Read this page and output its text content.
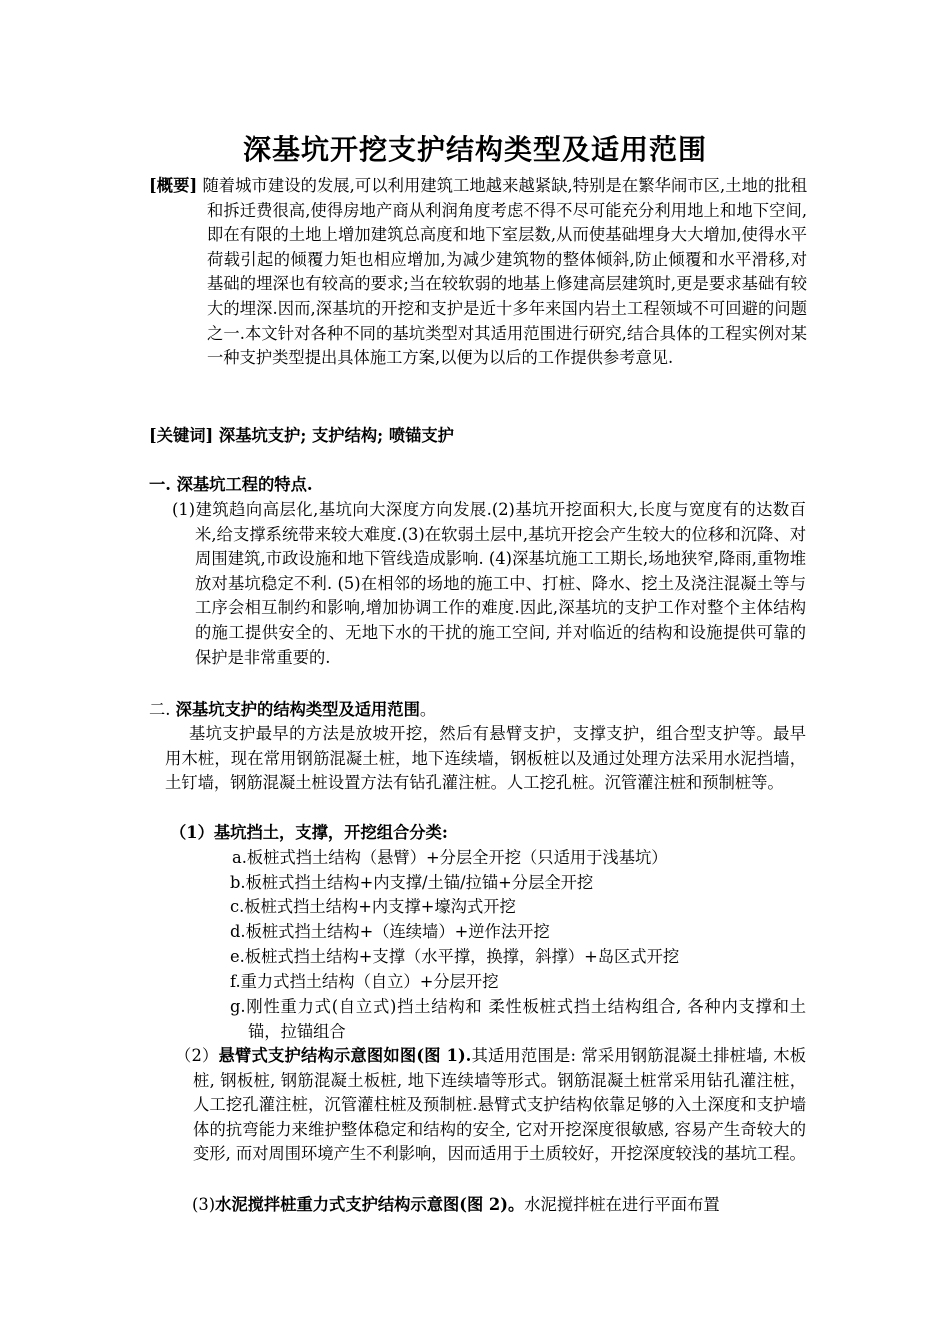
深基坑开挖支护结构类型及适用范围

[概要] 随着城市建设的发展,可以利用建筑工地越来越紧缺,特别是在繁华闹市区,土地的批租和拆迁费很高,使得房地产商从利润角度考虑不得不尽可能充分利用地上和地下空间,即在有限的土地上增加建筑总高度和地下室层数,从而使基础埋身大大增加,使得水平荷载引起的倾覆力矩也相应增加,为减少建筑物的整体倾斜,防止倾覆和水平滑移,对基础的埋深也有较高的要求;当在较软弱的地基上修建高层建筑时,更是要求基础有较大的埋深.因而,深基坑的开挖和支护是近十多年来国内岩土工程领域不可回避的问题之一.本文针对各种不同的基坑类型对其适用范围进行研究,结合具体的工程实例对某一种支护类型提出具体施工方案,以便为以后的工作提供参考意见.

[关键词] 深基坑支护; 支护结构; 喷锚支护
一. 深基坑工程的特点.

(1)建筑趋向高层化,基坑向大深度方向发展.(2)基坑开挖面积大,长度与宽度有的达数百米,给支撑系统带来较大难度.(3)在软弱土层中,基坑开挖会产生较大的位移和沉降、对周围建筑,市政设施和地下管线造成影响. (4)深基坑施工工期长,场地狭窄,降雨,重物堆放对基坑稳定不利. (5)在相邻的场地的施工中、打桩、降水、挖土及浇注混凝土等与工序会相互制约和影响,增加协调工作的难度.因此,深基坑的支护工作对整个主体结构的施工提供安全的、无地下水的干扰的施工空间, 并对临近的结构和设施提供可靠的保护是非常重要的.

二. 深基坑支护的结构类型及适用范围。

基坑支护最早的方法是放坡开挖，然后有悬臂支护，支撑支护，组合型支护等。最早用木桩，现在常用钢筋混凝土桩，地下连续墙，钢板桩以及通过处理方法采用水泥挡墙，土钉墙，钢筋混凝土桩设置方法有钻孔灌注桩。人工挖孔桩。沉管灌注桩和预制桩等。

（1）基坑挡土，支撑，开挖组合分类:
a.板桩式挡土结构（悬臂）+分层全开挖（只适用于浅基坑）
b.板桩式挡土结构+内支撑/土锚/拉锚+分层全开挖
c.板桩式挡土结构+内支撑+壕沟式开挖
d.板桩式挡土结构+（连续墙）+逆作法开挖
e.板桩式挡土结构+支撑（水平撑，换撑，斜撑）+岛区式开挖
f.重力式挡土结构（自立）+分层开挖

g.刚性重力式(自立式)挡土结构和 柔性板桩式挡土结构组合, 各种内支撑和土锚，拉锚组合

（2）悬臂式支护结构示意图如图(图 1).其适用范围是: 常采用钢筋混凝土排桩墙, 木板桩, 钢板桩, 钢筋混凝土板桩, 地下连续墙等形式。钢筋混凝土桩常采用钻孔灌注桩，人工挖孔灌注桩，沉管灌柱桩及预制桩.悬臂式支护结构依靠足够的入土深度和支护墙体的抗弯能力来维护整体稳定和结构的安全, 它对开挖深度很敏感, 容易产生奇较大的变形, 而对周围环境产生不利影响，因而适用于土质较好，开挖深度较浅的基坑工程。

(3)水泥搅拌桩重力式支护结构示意图(图 2)。水泥搅拌桩在进行平面布置
